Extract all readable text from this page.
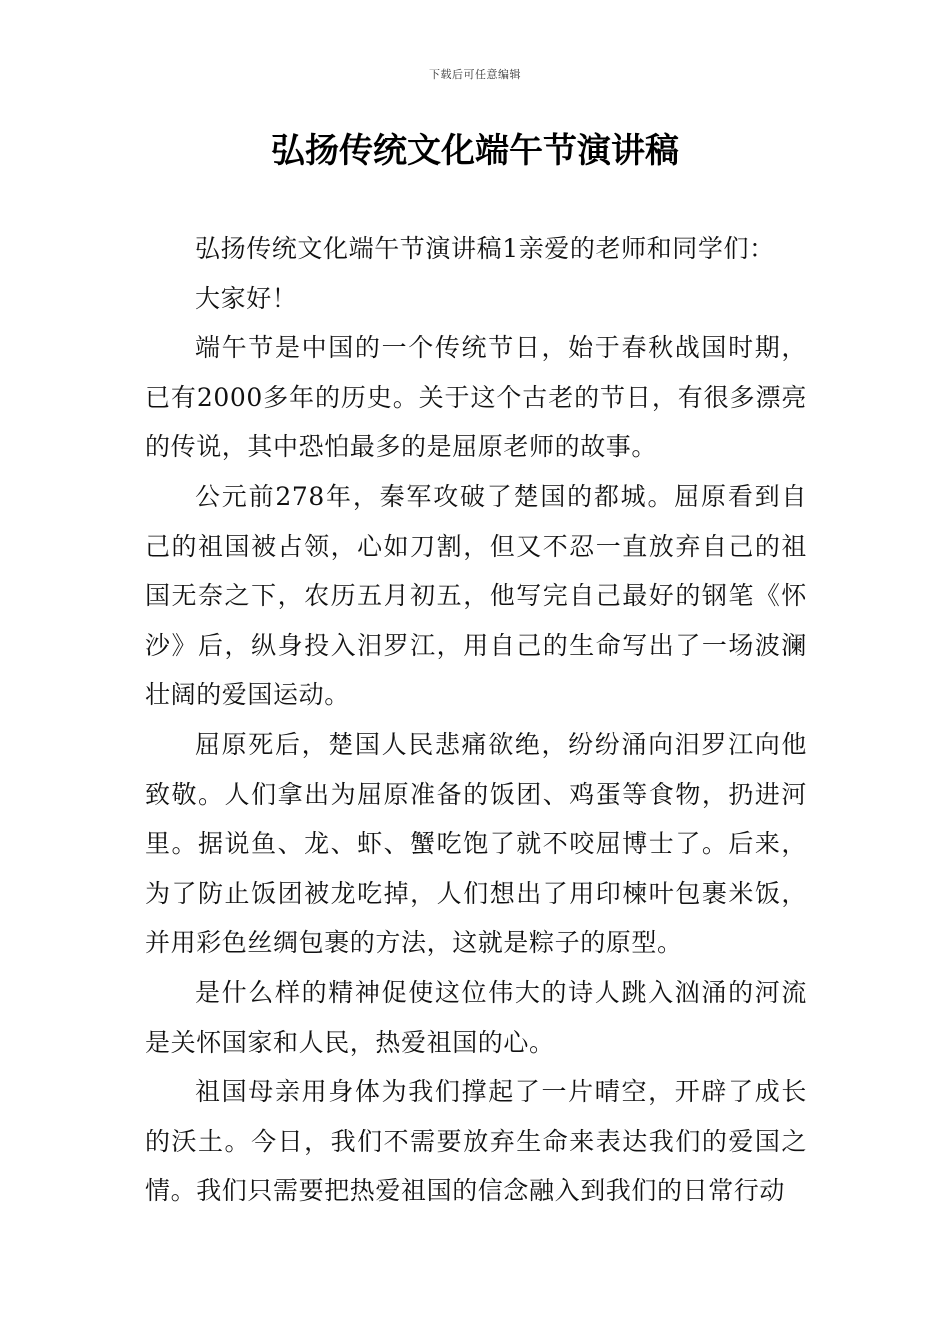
下载后可任意编辑
弘扬传统文化端午节演讲稿

弘扬传统文化端午节演讲稿1亲爱的老师和同学们：

大家好！

端午节是中国的一个传统节日，始于春秋战国时期，已有2000多年的历史。关于这个古老的节日，有很多漂亮的传说，其中恐怕最多的是屈原老师的故事。

公元前278年，秦军攻破了楚国的都城。屈原看到自己的祖国被占领，心如刀割，但又不忍一直放弃自己的祖国无奈之下，农历五月初五，他写完自己最好的钢笔《怀沙》后，纵身投入汨罗江，用自己的生命写出了一场波澜壮阔的爱国运动。

屈原死后，楚国人民悲痛欲绝，纷纷涌向汨罗江向他致敬。人们拿出为屈原准备的饭团、鸡蛋等食物，扔进河里。据说鱼、龙、虾、蟹吃饱了就不咬屈博士了。后来，为了防止饭团被龙吃掉，人们想出了用印楝叶包裹米饭，并用彩色丝绸包裹的方法，这就是粽子的原型。

是什么样的精神促使这位伟大的诗人跳入汹涌的河流是关怀国家和人民，热爱祖国的心。

祖国母亲用身体为我们撑起了一片晴空，开辟了成长的沃土。今日，我们不需要放弃生命来表达我们的爱国之情。我们只需要把热爱祖国的信念融入到我们的日常行动
